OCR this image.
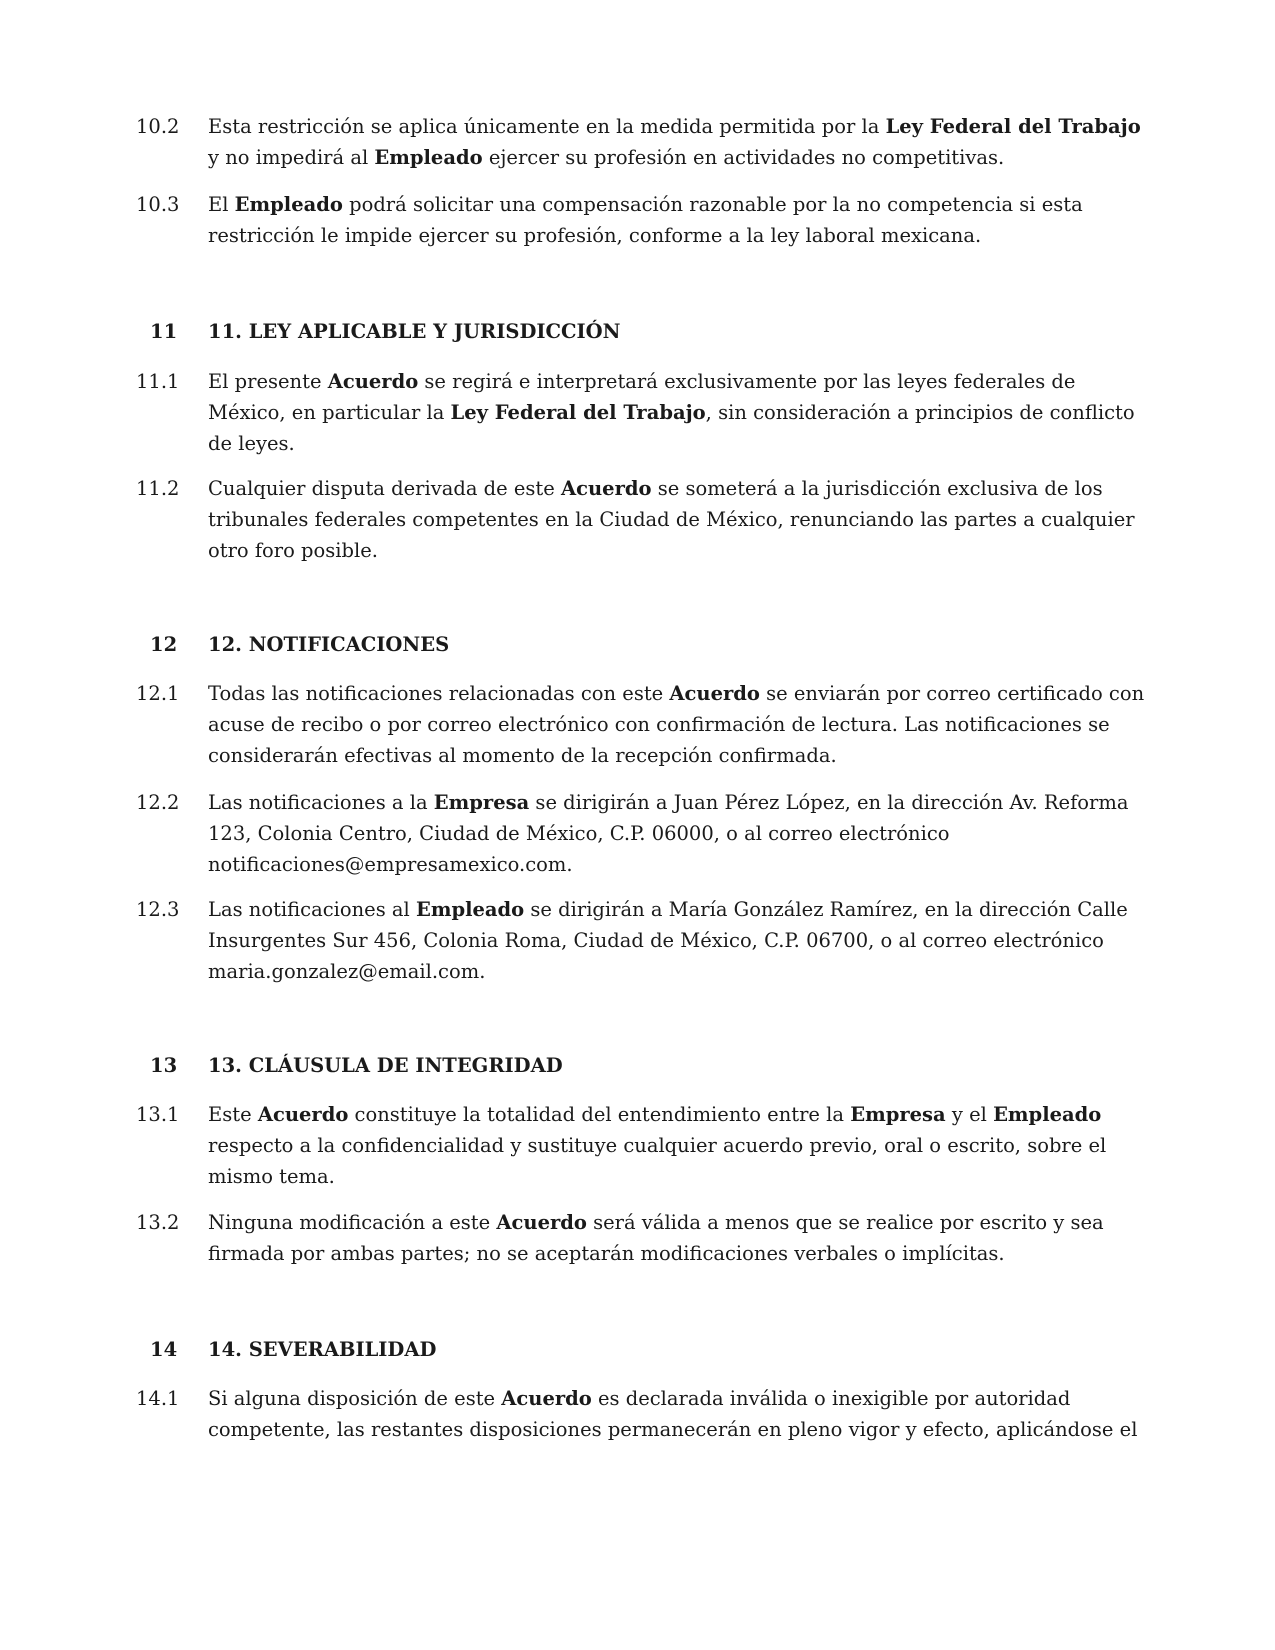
10.2 Esta restricción se aplica únicamente en la medida permitida por la Ley Federal del Trabajo
y no impedirá al Empleado ejercer su profesión en actividades no competitivas.
10.3 El Empleado podrá solicitar una compensación razonable por la no competencia si esta
restricción le impide ejercer su profesión, conforme a la ley laboral mexicana.
11	11. LEY APLICABLE Y JURISDICCIÓN
11.1 El presente Acuerdo se regirá e interpretará exclusivamente por las leyes federales de
México, en particular la Ley Federal del Trabajo, sin consideración a principios de conflicto
de leyes.
11.2 Cualquier disputa derivada de este Acuerdo se someterá a la jurisdicción exclusiva de los
tribunales federales competentes en la Ciudad de México, renunciando las partes a cualquier
otro foro posible.
12	12. NOTIFICACIONES
12.1 Todas las notificaciones relacionadas con este Acuerdo se enviarán por correo certificado con
acuse de recibo o por correo electrónico con confirmación de lectura. Las notificaciones se
considerarán efectivas al momento de la recepción confirmada.
12.2 Las notificaciones a la Empresa se dirigirán a Juan Pérez López, en la dirección Av. Reforma
123, Colonia Centro, Ciudad de México, C.P. 06000, o al correo electrónico
notificaciones@empresamexico.com.
12.3 Las notificaciones al Empleado se dirigirán a María González Ramírez, en la dirección Calle
Insurgentes Sur 456, Colonia Roma, Ciudad de México, C.P. 06700, o al correo electrónico
maria.gonzalez@email.com.
13	13. CLÁUSULA DE INTEGRIDAD
13.1 Este Acuerdo constituye la totalidad del entendimiento entre la Empresa y el Empleado
respecto a la confidencialidad y sustituye cualquier acuerdo previo, oral o escrito, sobre el
mismo tema.
13.2 Ninguna modificación a este Acuerdo será válida a menos que se realice por escrito y sea
firmada por ambas partes; no se aceptarán modificaciones verbales o implícitas.
14	14. SEVERABILIDAD
14.1 Si alguna disposición de este Acuerdo es declarada inválida o inexigible por autoridad
competente, las restantes disposiciones permanecerán en pleno vigor y efecto, aplicándose el
